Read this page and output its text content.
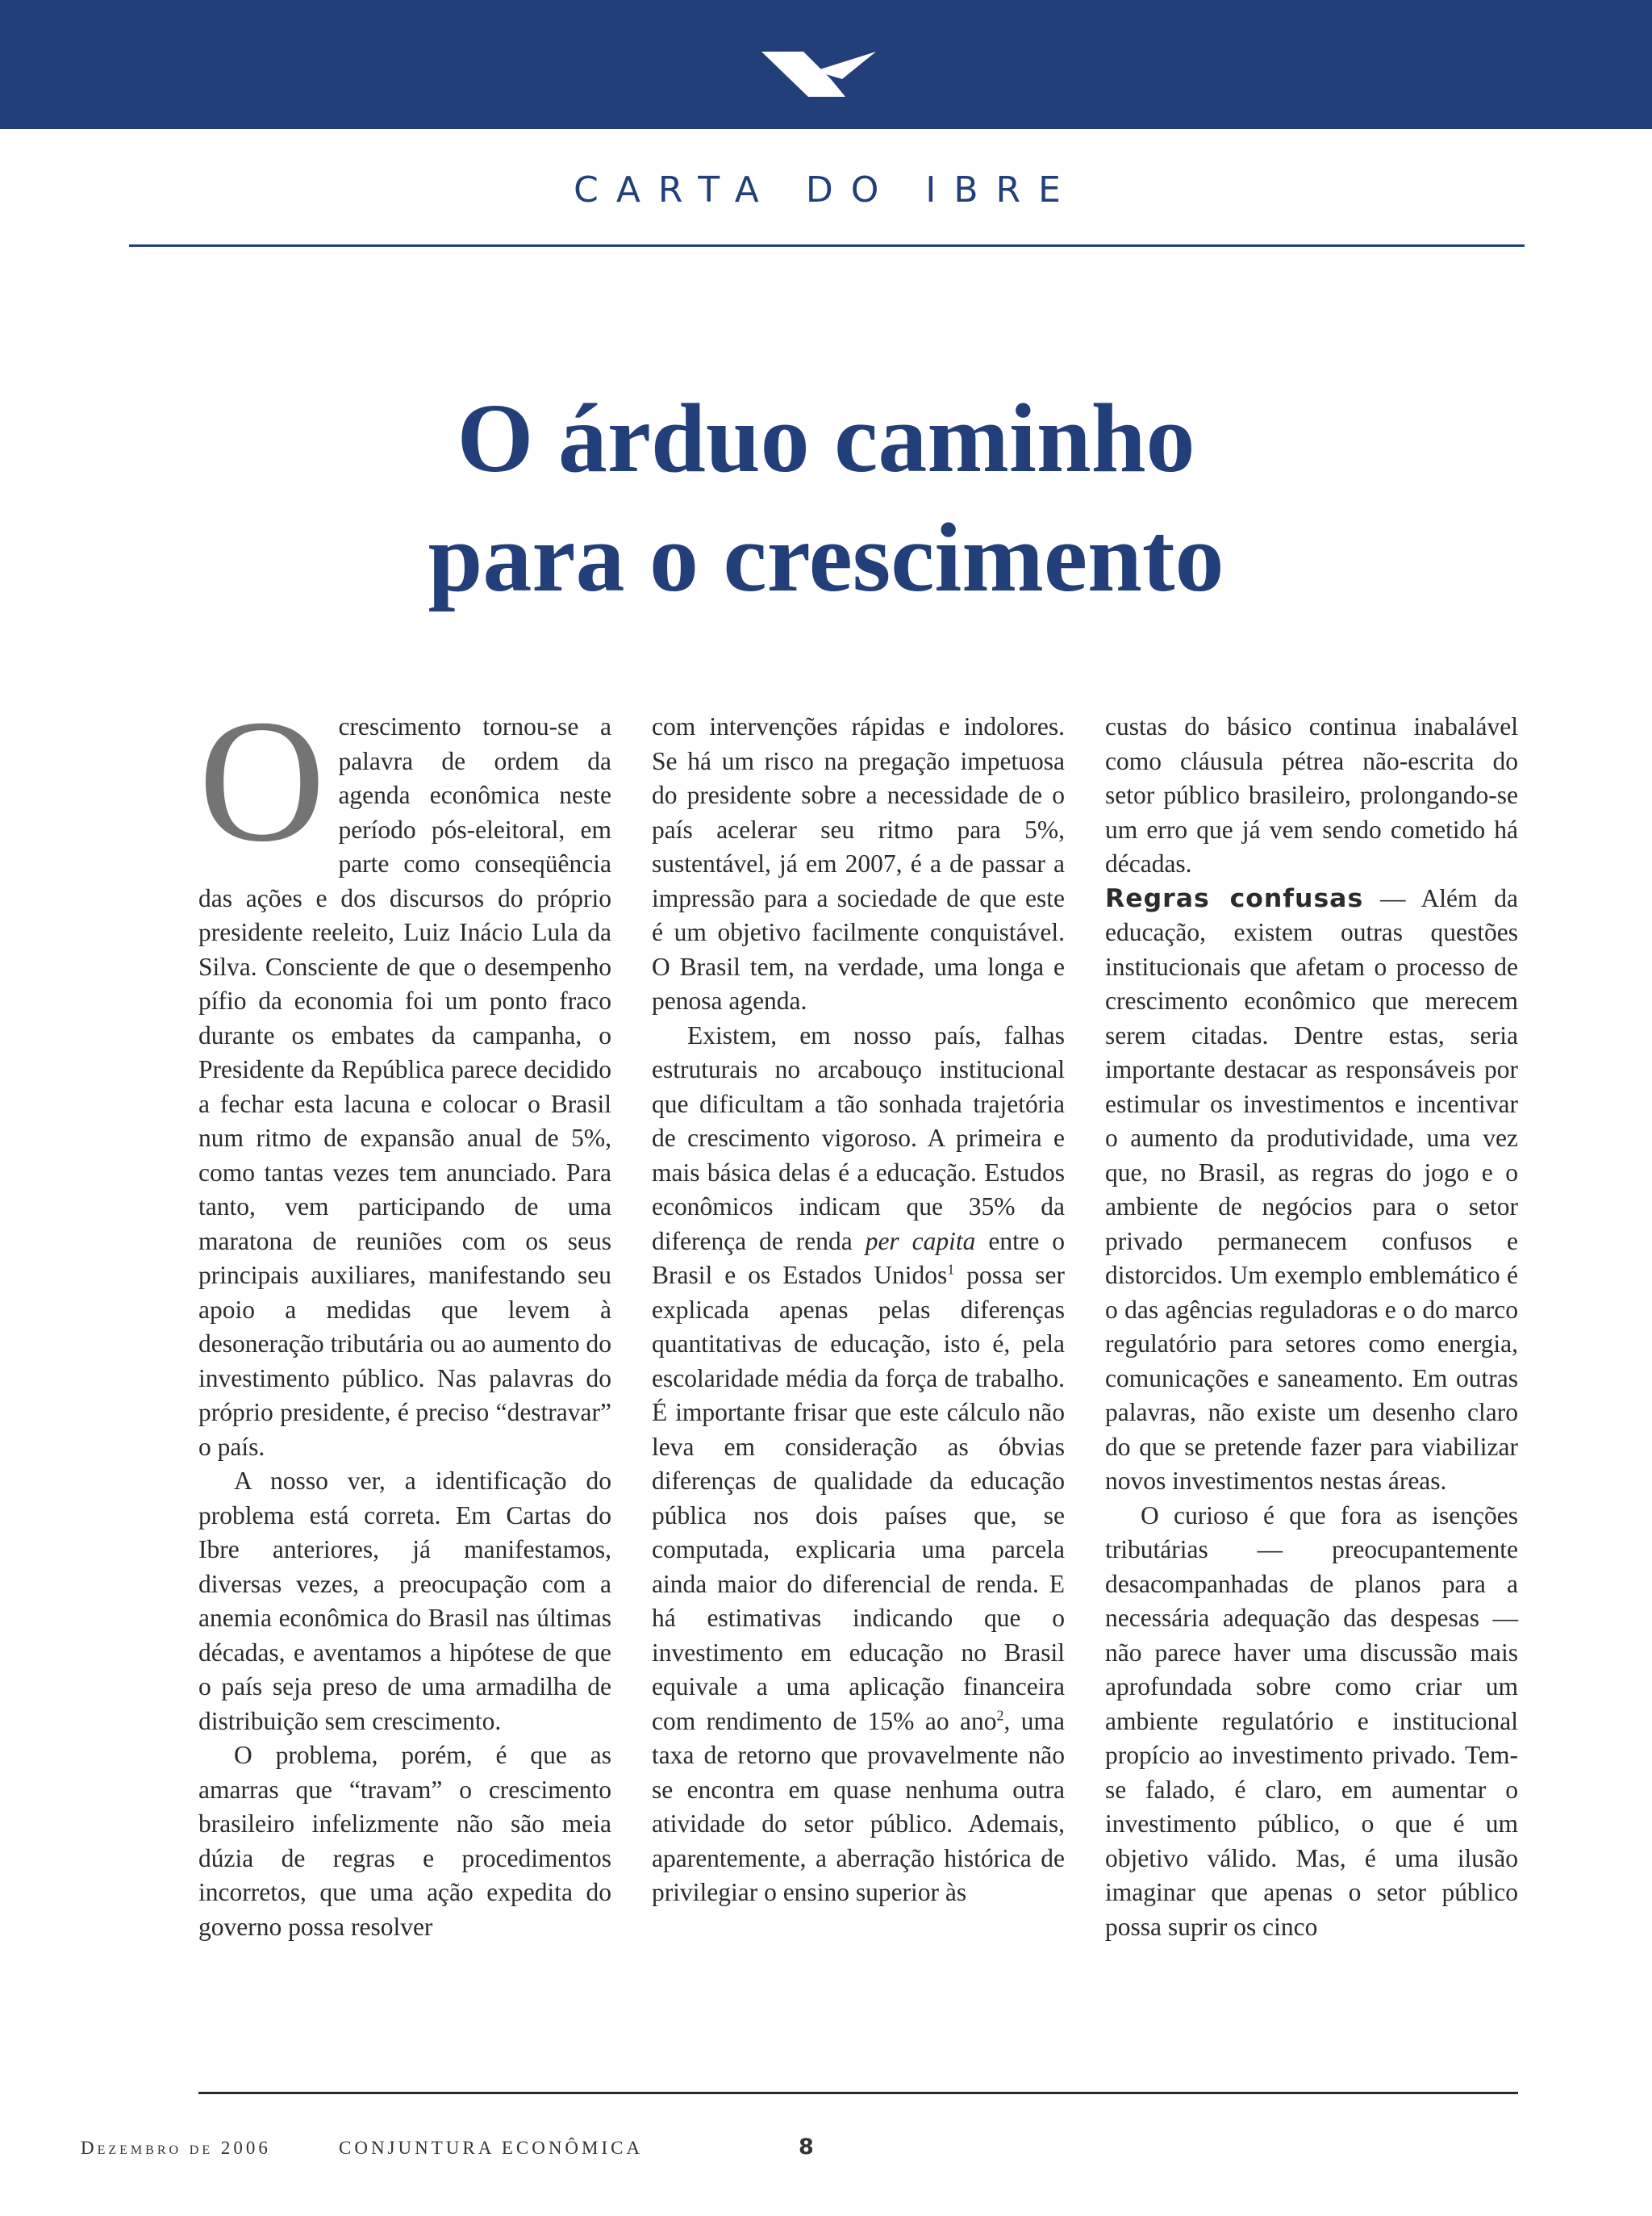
CARTA DO IBRE
O árduo caminho
para o crescimento

Ocrescimento tornou-se a palavra de ordem da agenda econômica neste período pós-eleitoral, em parte como conseqüência das ações e dos discursos do próprio presidente reeleito, Luiz Inácio Lula da Silva. Consciente de que o desempenho pífio da economia foi um ponto fraco durante os embates da campanha, o Presidente da República parece decidido a fechar esta lacuna e colocar o Brasil num ritmo de expansão anual de 5%, como tantas vezes tem anunciado. Para tanto, vem participando de uma maratona de reuniões com os seus principais auxiliares, manifestando seu apoio a medidas que levem à desoneração tributária ou ao aumento do investimento público. Nas palavras do próprio presidente, é preciso “destravar” o país.

A nosso ver, a identificação do problema está correta. Em Cartas do Ibre anteriores, já manifestamos, diversas vezes, a preocupação com a anemia econômica do Brasil nas últimas décadas, e aventamos a hipótese de que o país seja preso de uma armadilha de distribuição sem crescimento.

O problema, porém, é que as amarras que “travam” o crescimento brasileiro infelizmente não são meia dúzia de regras e procedimentos incorretos, que uma ação expedita do governo possa resolver

com intervenções rápidas e indolores. Se há um risco na pregação impetuosa do presidente sobre a necessidade de o país acelerar seu ritmo para 5%, sustentável, já em 2007, é a de passar a impressão para a sociedade de que este é um objetivo facilmente conquistável. O Brasil tem, na verdade, uma longa e penosa agenda.

Existem, em nosso país, falhas estruturais no arcabouço institucional que dificultam a tão sonhada trajetória de crescimento vigoroso. A primeira e mais básica delas é a educação. Estudos econômicos indicam que 35% da diferença de renda per capita entre o Brasil e os Estados Unidos$^1$ possa ser explicada apenas pelas diferenças quantitativas de educação, isto é, pela escolaridade média da força de trabalho. É importante frisar que este cálculo não leva em consideração as óbvias diferenças de qualidade da educação pública nos dois países que, se computada, explicaria uma parcela ainda maior do diferencial de renda. E há estimativas indicando que o investimento em educação no Brasil equivale a uma aplicação financeira com rendimento de 15% ao ano$^2$, uma taxa de retorno que provavelmente não se encontra em quase nenhuma outra atividade do setor público. Ademais, aparentemente, a aberração histórica de privilegiar o ensino superior às

custas do básico continua inabalável como cláusula pétrea não-escrita do setor público brasileiro, prolongando-se um erro que já vem sendo cometido há décadas.

Regras confusas — Além da educação, existem outras questões institucionais que afetam o processo de crescimento econômico que merecem serem citadas. Dentre estas, seria importante destacar as responsáveis por estimular os investimentos e incentivar o aumento da produtividade, uma vez que, no Brasil, as regras do jogo e o ambiente de negócios para o setor privado permanecem confusos e distorcidos. Um exemplo emblemático é o das agências reguladoras e o do marco regulatório para setores como energia, comunicações e saneamento. Em outras palavras, não existe um desenho claro do que se pretende fazer para viabilizar novos investimentos nestas áreas.

O curioso é que fora as isenções tributárias — preocupantemente desacompanhadas de planos para a necessária adequação das despesas — não parece haver uma discussão mais aprofundada sobre como criar um ambiente regulatório e institucional propício ao investimento privado. Tem-se falado, é claro, em aumentar o investimento público, o que é um objetivo válido. Mas, é uma ilusão imaginar que apenas o setor público possa suprir os cinco

Dezembro de 2006	CONJUNTURA ECONÔMICA	8
